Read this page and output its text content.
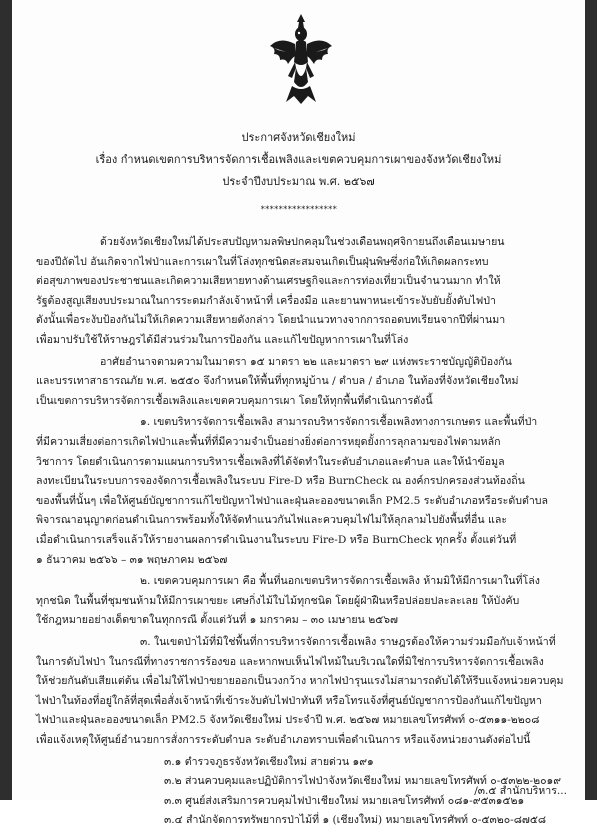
ประกาศจังหวัดเชียงใหม่
เรื่อง กำหนดเขตการบริหารจัดการเชื้อเพลิงและเขตควบคุมการเผาของจังหวัดเชียงใหม่
ประจำปีงบประมาณ พ.ศ. ๒๕๖๗
*****************
ด้วยจังหวัดเชียงใหม่ได้ประสบปัญหามลพิษปกคลุมในช่วงเดือนพฤศจิกายนถึงเดือนเมษายน
ของปีถัดไป อันเกิดจากไฟป่าและการเผาในที่โล่งทุกชนิดสะสมจนเกิดเป็นฝุ่นพิษซึ่งก่อให้เกิดผลกระทบ
ต่อสุขภาพของประชาชนและเกิดความเสียหายทางด้านเศรษฐกิจและการท่องเที่ยวเป็นจำนวนมาก ทำให้
รัฐต้องสูญเสียงบประมาณในการระดมกำลังเจ้าหน้าที่ เครื่องมือ และยานพาหนะเข้าระงับยับยั้งดับไฟป่า
ดังนั้นเพื่อระงับป้องกันไม่ให้เกิดความเสียหายดังกล่าว โดยนำแนวทางจากการถอดบทเรียนจากปีที่ผ่านมา
เพื่อมาปรับใช้ให้ราษฎรได้มีส่วนร่วมในการป้องกัน และแก้ไขปัญหาการเผาในที่โล่ง
อาศัยอำนาจตามความในมาตรา ๑๕ มาตรา ๒๒ และมาตรา ๒๙ แห่งพระราชบัญญัติป้องกัน
และบรรเทาสาธารณภัย พ.ศ. ๒๕๕๐ จึงกำหนดให้พื้นที่ทุกหมู่บ้าน / ตำบล / อำเภอ ในท้องที่จังหวัดเชียงใหม่
เป็นเขตการบริหารจัดการเชื้อเพลิงและเขตควบคุมการเผา โดยให้ทุกพื้นที่ดำเนินการดังนี้
๑. เขตบริหารจัดการเชื้อเพลิง สามารถบริหารจัดการเชื้อเพลิงทางการเกษตร และพื้นที่ป่า
ที่มีความเสี่ยงต่อการเกิดไฟป่าและพื้นที่ที่มีความจำเป็นอย่างยิ่งต่อการหยุดยั้งการลุกลามของไฟตามหลัก
วิชาการ โดยดำเนินการตามแผนการบริหารเชื้อเพลิงที่ได้จัดทำในระดับอำเภอและตำบล และให้นำข้อมูล
ลงทะเบียนในระบบการจองจัดการเชื้อเพลิงในระบบ Fire-D หรือ BurnCheck ณ องค์กรปกครองส่วนท้องถิ่น
ของพื้นที่นั้นๆ เพื่อให้ศูนย์บัญชาการแก้ไขปัญหาไฟป่าและฝุ่นละอองขนาดเล็ก PM2.5 ระดับอำเภอหรือระดับตำบล
พิจารณาอนุญาตก่อนดำเนินการพร้อมทั้งให้จัดทำแนวกันไฟและควบคุมไฟไม่ให้ลุกลามไปยังพื้นที่อื่น และ
เมื่อดำเนินการเสร็จแล้วให้รายงานผลการดำเนินงานในระบบ Fire-D หรือ BurnCheck ทุกครั้ง ตั้งแต่วันที่
๑ ธันวาคม ๒๕๖๖ – ๓๑ พฤษภาคม ๒๕๖๗
๒. เขตควบคุมการเผา คือ พื้นที่นอกเขตบริหารจัดการเชื้อเพลิง ห้ามมิให้มีการเผาในที่โล่ง
ทุกชนิด ในพื้นที่ชุมชนห้ามให้มีการเผาขยะ เศษกิ่งไม้ใบไม้ทุกชนิด โดยผู้ฝ่าฝืนหรือปล่อยปละละเลย ให้บังคับ
ใช้กฎหมายอย่างเด็ดขาดในทุกกรณี ตั้งแต่วันที่ ๑ มกราคม – ๓๐ เมษายน ๒๕๖๗
๓. ในเขตป่าไม้ที่มิใช่พื้นที่การบริหารจัดการเชื้อเพลิง ราษฎรต้องให้ความร่วมมือกับเจ้าหน้าที่
ในการดับไฟป่า ในกรณีที่ทางราชการร้องขอ และหากพบเห็นไฟไหม้ในบริเวณใดที่มิใช่การบริหารจัดการเชื้อเพลิง
ให้ช่วยกันดับเสียแต่ต้น เพื่อไม่ให้ไฟป่าขยายออกเป็นวงกว้าง หากไฟป่ารุนแรงไม่สามารถดับได้ให้รีบแจ้งหน่วยควบคุม
ไฟป่าในท้องที่อยู่ใกล้ที่สุดเพื่อสั่งเจ้าหน้าที่เข้าระงับดับไฟป่าทันที หรือโทรแจ้งที่ศูนย์บัญชาการป้องกันแก้ไขปัญหา
ไฟป่าและฝุ่นละอองขนาดเล็ก PM2.5 จังหวัดเชียงใหม่ ประจำปี พ.ศ. ๒๕๖๗ หมายเลขโทรศัพท์ ๐-๕๓๑๑-๒๒๐๘
เพื่อแจ้งเหตุให้ศูนย์อำนวยการสั่งการระดับตำบล ระดับอำเภอทราบเพื่อดำเนินการ หรือแจ้งหน่วยงานดังต่อไปนี้
๓.๑ ตำรวจภูธรจังหวัดเชียงใหม่ สายด่วน ๑๙๑
๓.๒ ส่วนควบคุมและปฏิบัติการไฟป่าจังหวัดเชียงใหม่ หมายเลขโทรศัพท์ ๐-๕๓๒๒-๒๐๑๙
๓.๓ ศูนย์ส่งเสริมการควบคุมไฟป่าเชียงใหม่ หมายเลขโทรศัพท์ ๐๘๑-๙๕๓๑๕๒๑
๓.๔ สำนักจัดการทรัพยากรป่าไม้ที่ ๑ (เชียงใหม่) หมายเลขโทรศัพท์ ๐-๕๓๒๐-๘๗๕๘
/๓.๕ สำนักบริหาร...
